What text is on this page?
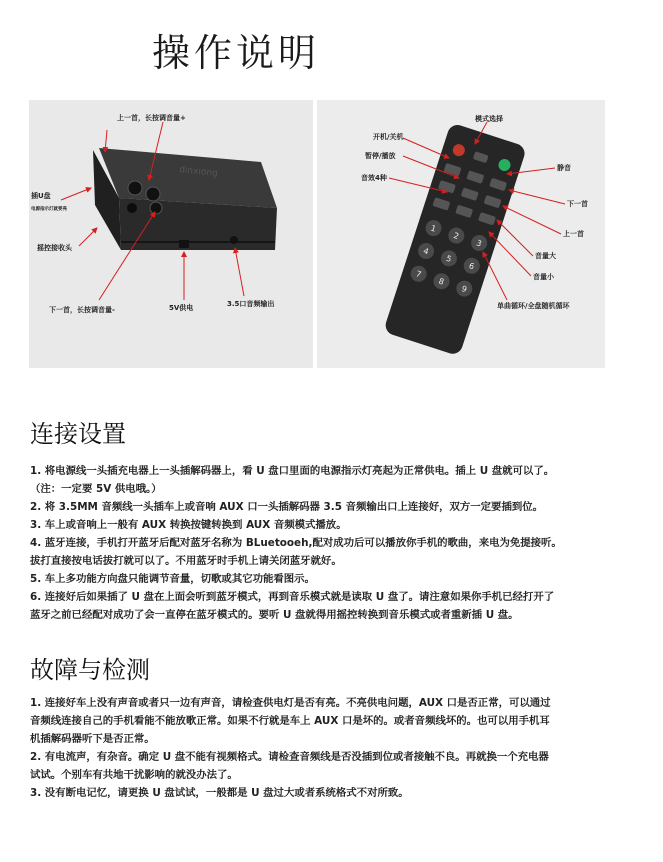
操作说明
dinxiong
上一首，长按调音量+
插U盘
电源指示灯就要亮
摇控接收头
下一首，长按调音量-	5V供电	3.5口音频输出
1
2
3
4
5
6
7
8
9
模式选择
开机/关机
暂停/播放
音效4种
静音
下一首
上一首
音量大
音量小
单曲循环/全盘随机循环
连接设置
1. 将电源线一头插充电器上一头插解码器上，看 U 盘口里面的电源指示灯亮起为正常供电。插上 U 盘就可以了。
（注：一定要 5V 供电哦。）
2. 将 3.5MM 音频线一头插车上或音响 AUX 口一头插解码器 3.5 音频输出口上连接好，双方一定要插到位。
3. 车上或音响上一般有 AUX 转换按键转换到 AUX 音频模式播放。
4. 蓝牙连接，手机打开蓝牙后配对蓝牙名称为 BLuetooeh,配对成功后可以播放你手机的歌曲，来电为免提接听。
拔打直接按电话拔打就可以了。不用蓝牙时手机上请关闭蓝牙就好。
5. 车上多功能方向盘只能调节音量，切歌或其它功能看图示。
6. 连接好后如果插了 U 盘在上面会听到蓝牙模式，再到音乐模式就是读取 U 盘了。请注意如果你手机已经打开了
蓝牙之前已经配对成功了会一直停在蓝牙模式的。要听 U 盘就得用摇控转换到音乐模式或者重新插 U 盘。
故障与检测
1. 连接好车上没有声音或者只一边有声音，请检查供电灯是否有亮。不亮供电问题，AUX 口是否正常，可以通过
音频线连接自己的手机看能不能放歌正常。如果不行就是车上 AUX 口是坏的。或者音频线坏的。也可以用手机耳
机插解码器听下是否正常。
2. 有电流声，有杂音。确定 U 盘不能有视频格式。请检查音频线是否没插到位或者接触不良。再就换一个充电器
试试。个别车有共地干扰影响的就没办法了。
3. 没有断电记忆，请更换 U 盘试试，一般都是 U 盘过大或者系统格式不对所致。
